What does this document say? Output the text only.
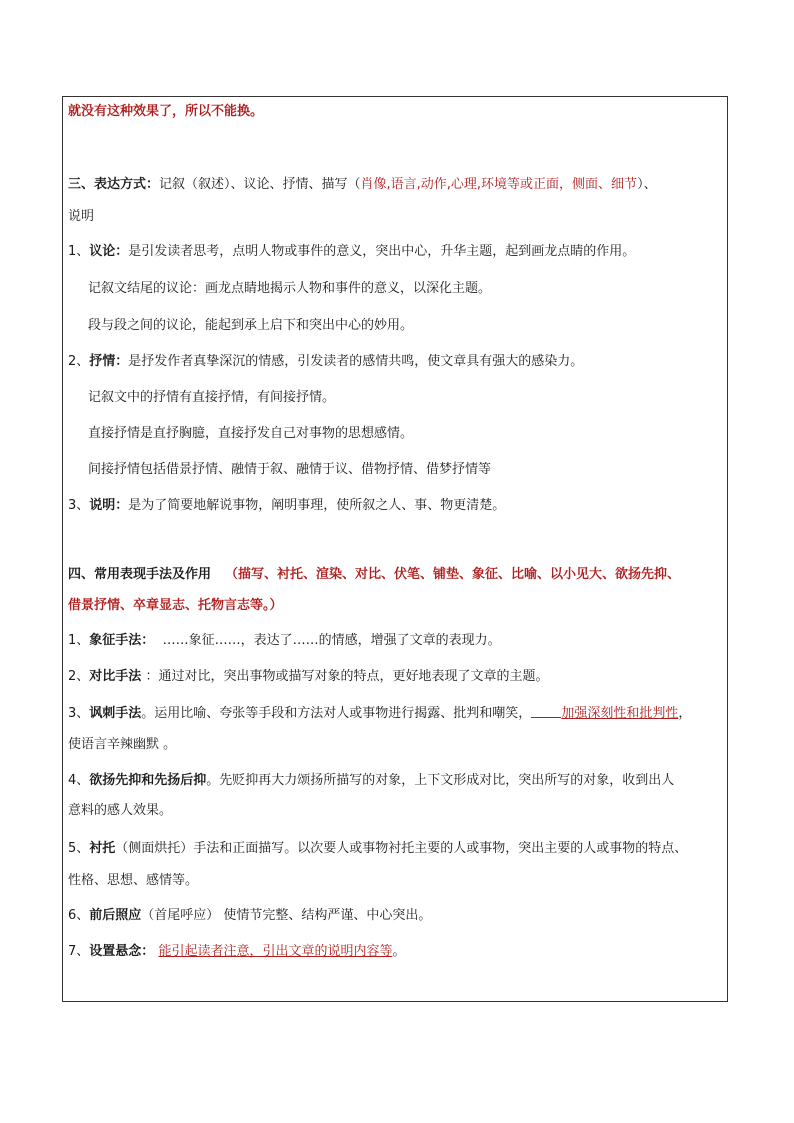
就没有这种效果了，所以不能换。
三、表达方式：记叙（叙述）、议论、抒情、描写（肖像,语言,动作,心理,环境等或正面，侧面、细节）、
说明
1、议论：是引发读者思考，点明人物或事件的意义，突出中心，升华主题，起到画龙点睛的作用。
记叙文结尾的议论：画龙点睛地揭示人物和事件的意义，以深化主题。
段与段之间的议论，能起到承上启下和突出中心的妙用。
2、抒情：是抒发作者真挚深沉的情感，引发读者的感情共鸣，使文章具有强大的感染力。
记叙文中的抒情有直接抒情，有间接抒情。
直接抒情是直抒胸臆，直接抒发自己对事物的思想感情。
间接抒情包括借景抒情、融情于叙、融情于议、借物抒情、借梦抒情等
3、说明：是为了简要地解说事物，阐明事理，使所叙之人、事、物更清楚。
四、常用表现手法及作用 （描写、衬托、渲染、对比、伏笔、铺垫、象征、比喻、以小见大、欲扬先抑、
借景抒情、卒章显志、托物言志等。）
1、象征手法： ……象征……，表达了……的情感，增强了文章的表现力。
2、对比手法 ：通过对比，突出事物或描写对象的特点，更好地表现了文章的主题。
3、讽刺手法。运用比喻、夸张等手段和方法对人或事物进行揭露、批判和嘲笑， 加强深刻性和批判性，
使语言辛辣幽默 。
4、欲扬先抑和先扬后抑。先贬抑再大力颂扬所描写的对象，上下文形成对比，突出所写的对象，收到出人
意料的感人效果。
5、衬托（侧面烘托）手法和正面描写。以次要人或事物衬托主要的人或事物，突出主要的人或事物的特点、
性格、思想、感情等。
6、前后照应（首尾呼应） 使情节完整、结构严谨、中心突出。
7、设置悬念： 能引起读者注意，引出文章的说明内容等。
